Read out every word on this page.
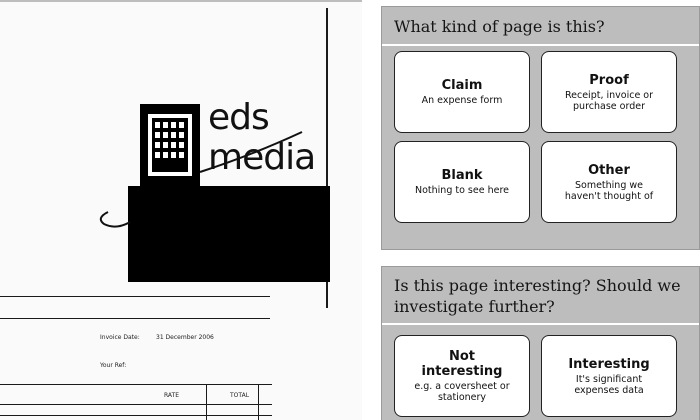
eds
media
Invoice Date:	31 December 2006
Your Ref:
RATE	TOTAL
What kind of page is this?
Claim
An expense form
Proof
Receipt, invoice or purchase order
Blank
Nothing to see here
Other
Something we haven't thought of
Is this page interesting? Should we investigate further?
Not interesting
e.g. a coversheet or stationery
Interesting
It's significant expenses data
